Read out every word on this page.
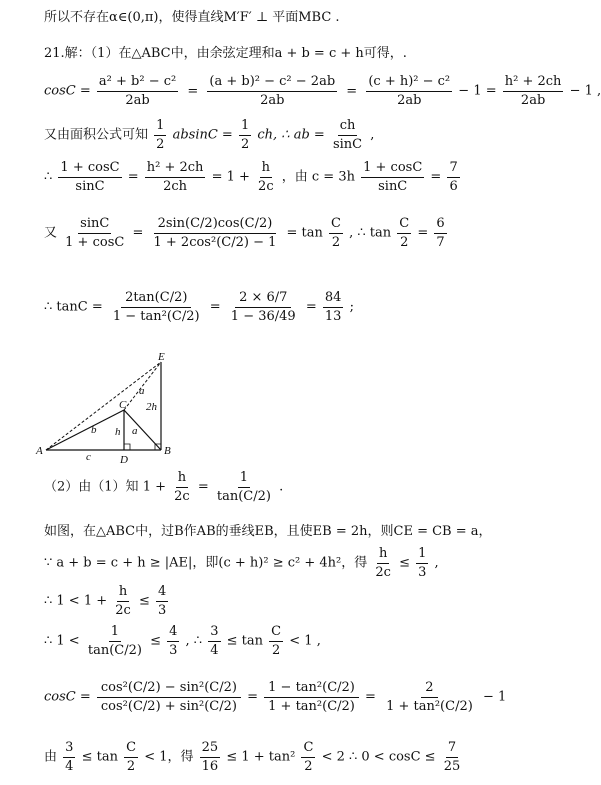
所以不存在α∈(0,π)，使得直线M′F′ ⊥ 平面MBC .
21.解：（1）在△ABC中，由余弦定理和a + b = c + h可得，.
$\cos C = \frac{\text{a² + b² − c²}}{2ab} = \frac{\text{(a + b)² − c² − 2ab}}{2ab} = \frac{\text{(c + h)² − c²}}{2ab} - 1 = \frac{\text{h² + 2ch}}{2ab} - 1$ ,
又由面积公式可知 $\frac{1}{2}$ $absinC = \frac{1}{2}$ ch, ∴ ab = $\frac{ch}{\sin C}$ ,
∴ $\frac{1 + \cos C}{\sin C} = \frac{\text{h² + 2ch}}{2ch} = 1 + \frac{h}{2c}$ ，由 $c = 3h \frac{1 + \cos C}{\sin C} = \frac{7}{6}$
又 $\frac{\sin C}{1 + \cos C} = \frac{2\sin(C/2)\cos(C/2)}{\text{1 + 2cos²(C/2) − 1}} = \tan \frac{C}{2}$ , ∴ $\tan \frac{C}{2} = \frac{6}{7}$
∴ $\tan C = \frac{2\tan(C/2)}{\text{1 − tan²(C/2)}} = \frac{2 \times 6/7}{1 - 36/49} = \frac{84}{13}$ ;
E
C
A
D
B
a
2h
b h a
c
（2）由（1）知 $1 + \frac{h}{2c} = \frac{1}{\tan(C/2)}$ .
如图，在△ABC中，过B作AB的垂线EB，且使EB = 2h，则CE = CB = a，
∵ a + b = c + h ≥ |AE|，即(c + h)² ≥ c² + 4h²，得 $\frac{h}{2c} \le \frac{1}{3}$ ,
∴ $1 < 1 + \frac{h}{2c} \le \frac{4}{3}$
∴ $1 < \frac{1}{\tan(C/2)} \le \frac{4}{3}$ , ∴ $\frac{3}{4} \le \tan \frac{C}{2} < 1$ ,
$\cos C = \frac{\text{cos²(C/2) − sin²(C/2)}}{\text{cos²(C/2) + sin²(C/2)}} = \frac{\text{1 − tan²(C/2)}}{\text{1 + tan²(C/2)}} = \frac{2}{\text{1 + tan²(C/2)}} - 1$
由 $\frac{3}{4} \le \tan \frac{C}{2} < 1$，得 $\frac{25}{16} \le 1 + \tan^2 \frac{C}{2} < 2$ ∴ $0 < \cos C \le \frac{7}{25}$
